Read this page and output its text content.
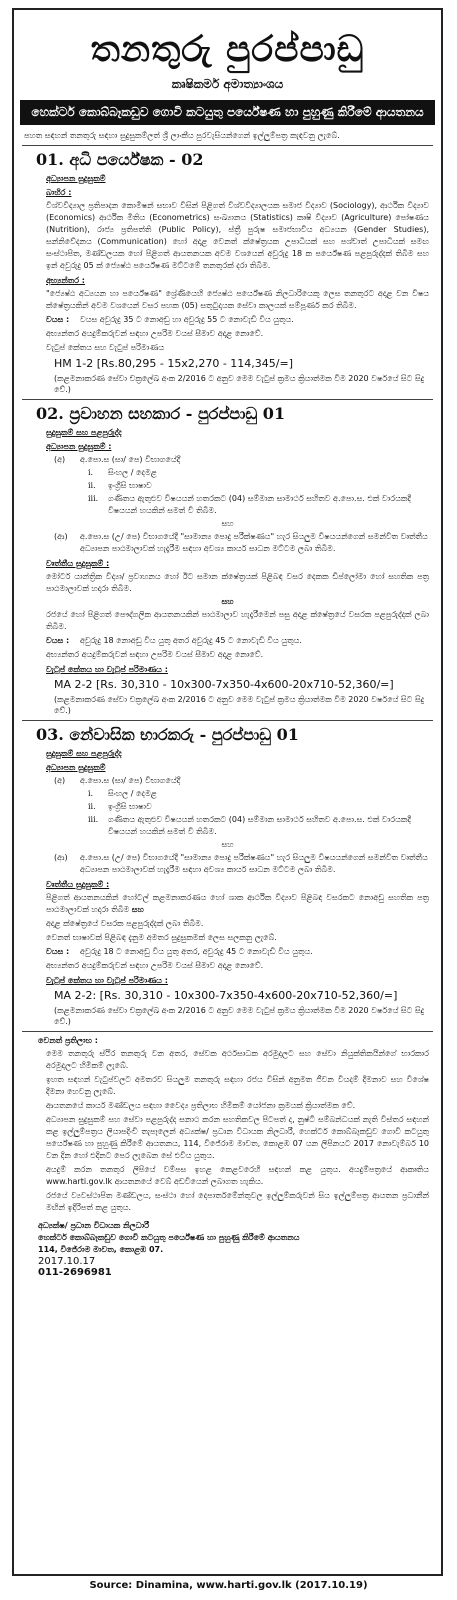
තනතුරු පුරප්පාඩු
කෘෂිකර්ම අමාත්‍යාංශය
හෙක්ටර් කොබ්බෑකඩුව ගොවි කටයුතු පර්යේෂණ හා පුහුණු කිරීමේ ආයතනය
පහත සඳහන් තනතුරු සඳහා සුදුසුකම්ලත් ශ්‍රී ලාංකීය පුරවැසියන්ගෙන් ඉල්ලුම්පත්‍ර කැඳවනු ලැබේ.
01. අධි පර්යේෂක - 02
අධ්‍යාපන සුදුසුකම්
බාහිර :
විශ්වවිද්‍යාල ප්‍රතිපාදන කොමිෂන් සභාව විසින් පිළිගත් විශ්වවිද්‍යාලයක සමාජ විද්‍යාව (Sociology), ආර්ථික විද්‍යාව (Economics) ආර්ථික මිතිය (Econometrics) සංඛ්‍යානය (Statistics) කෘෂි විද්‍යාව (Agriculture) පෝෂණය (Nutrition), රාජ්‍ය ප්‍රතිපත්ති (Public Policy), ස්ත්‍රී පුරුෂ සමාජභාවීය අධ්‍යයන (Gender Studies), සන්නිවේදනය (Communication) හෝ අදාළ වෙනත් ක්ෂේත්‍රයක උපාධියක් සහ පශ්චාත් උපාධියක් සමඟ සංස්ථාපිත, මණ්ඩලයක හෝ පිළිගත් ආයතනයක අවම වශයෙන් අවුරුදු 18 ක පර්යේෂණ පළපුරුද්දක් තිබීම සහ ඉන් අවුරුදු 05 ක් ජ්‍යෙෂ්ඨ පර්යේෂණ මට්ටමේ තනතුරක් දරා තිබීම.
අභ්‍යන්තර :
"ජ්‍යෙෂ්ඨ අධ්‍යයන හා පර්යේෂණ" ශ්‍රේණියෙහි ජ්‍යෙෂ්ඨ පර්යේෂණ නිලධාරියෙකු ලෙස තනතුරට අදාළ වන විෂය ක්ෂේත්‍රයකින් අවම වශයෙන් වසර පහක (05) සතුටුදායක සේවා කාලයක් සම්පූර්ණ කර තිබීම.
වයස :	වයස අවුරුදු 35 ට නොඅඩු හා අවුරුදු 55 ට නොවැඩි විය යුතුය.
අභ්‍යන්තර අයදුම්කරුවන් සඳහා උපරිම වයස් සීමාව අදාළ නොවේ.
වැටුප් කේතය සහ වැටුප් පරිමාණය
HM 1-2 [Rs.80,295 - 15x2,270 - 114,345/=]
(කළමනාකරණ සේවා චක්‍රලේඛ අංක 2/2016 ට අනුව මෙම වැටුප් ක්‍රමය ක්‍රියාත්මක වීම 2020 වර්ෂයේ සිට සිදු වේ.)
02. ප්‍රවාහන සහකාර - පුරප්පාඩු 01
සුදුසුකම් සහ පළපුරුද්ද
අධ්‍යාපන සුදුසුකම් :
(අ)	අ.පො.ස (සා/ පෙ) විභාගයේදී
i.	සිංහල / දෙමළ
ii.	ඉංග්‍රීසි භාෂාව
iii.	ගණිතය ඇතුළුව විෂයයන් හතරකට (04) සම්මාන සාමාර්ථ සහිතව අ.පො.ස. එක් වාරයකදී විෂයයන් හයකින් සමත් වී තිබීම.
සහ
(ආ)	අ.පො.ස (උ/ පෙ) විභාගයේදී "සාමාන්‍ය පොදු පරීක්ෂණය" හැර සියලුම විෂයයන්ගෙන් සමන්විත වෘත්තීය අධ්‍යාපන පාඨමාලාවක් හැදෑරීම සඳහා අවශ්‍ය කාර්ය සාධන මට්ටම ලබා තිබීම.
වෘත්තීය සුදුසුකම් :
මෝටර් යාන්ත්‍රික විද්‍යා/ ප්‍රවාහනය හෝ ඊට සමාන ක්ෂේත්‍රයක් පිළිබඳ වසර දෙකක ඩිප්ලෝමා හෝ සහතික පත්‍ර පාඨමාලාවක් හදාරා තිබීම.
සහ
රජයේ හෝ පිළිගත් පෞද්ගලික ආයතනයකින් පාඨමාලාව හැදෑරීමෙන් පසු අදාළ ක්ෂේත්‍රයේ වසරක පළපුරුද්දක් ලබා තිබීම.
වයස :	අවුරුදු 18 නොඅඩු විය යුතු අතර අවුරුදු 45 ට නොවැඩි විය යුතුය.
අභ්‍යන්තර අයදුම්කරුවන් සඳහා උපරිම වයස් සීමාව අදාළ නොවේ.
වැටුප් කේතය හා වැටුප් පරිමාණය :
MA 2-2 [Rs. 30,310 - 10x300-7x350-4x600-20x710-52,360/=]
(කළමනාකරණ සේවා චක්‍රලේඛ අංක 2/2016 ට අනුව මෙම වැටුප් ක්‍රමය ක්‍රියාත්මක වීම 2020 වර්ෂයේ සිට සිදු වේ.)
03. නේවාසික භාරකරු - පුරප්පාඩු 01
සුදුසුකම් සහ පළපුරුද්ද
අධ්‍යාපන සුදුසුකම්
(අ)	අ.පො.ස (සා/ පෙ) විභාගයේදී
i.	සිංහල / දෙමළ
ii.	ඉංග්‍රීසි භාෂාව
iii.	ගණිතය ඇතුළුව විෂයයන් හතරකට (04) සම්මාන සාමාර්ථ සහිතව අ.පො.ස. එක් වාරයකදී විෂයයන් හයකින් සමත් වී තිබීම.
සහ
(ආ)	අ.පො.ස (උ/ පෙ) විභාගයේදී "සාමාන්‍ය පොදු පරීක්ෂණය" හැර සියලුම විෂයයන්ගෙන් සමන්විත වෘත්තීය අධ්‍යාපන පාඨමාලාවක් හැදෑරීම සඳහා අවශ්‍ය කාර්ය සාධන මට්ටම ලබා තිබීම.
වෘත්තීය සුදුසුකම් :
පිළිගත් ආයතනයකින් හෝටල් කළමනාකරණය හෝ ශාක ආර්ථික විද්‍යාව පිළිබඳ වසරකට නොඅඩු සහතික පත්‍ර පාඨමාලාවක් හදාරා තිබීම සහ
අදාළ ක්ෂේත්‍රයේ වසරක පළපුරුද්දක් ලබා තිබීම.
වෙනත් භාෂාවක් පිළිබඳ දැනුම අමතර සුදුසුකමක් ලෙස සලකනු ලැබේ.
වයස :	අවුරුදු 18 ට නොඅඩු විය යුතු අතර, අවුරුදු 45 ට නොවැඩි විය යුතුය.
අභ්‍යන්තර අයදුම්කරුවන් සඳහා උපරිම වයස් සීමාව අදාළ නොවේ.
වැටුප් කේතය හා වැටුප් පරිමාණය :
MA 2-2: [Rs. 30,310 - 10x300-7x350-4x600-20x710-52,360/=]
(කළමනාකරණ සේවා චක්‍රලේඛ අංක 2/2016 ට අනුව මෙම වැටුප් ක්‍රමය ක්‍රියාත්මක වීම 2020 වර්ෂයේ සිට සිදු වේ.)
වෙනත් ප්‍රතිලාභ :
මෙම තනතුරු ස්ථිර තනතුරු වන අතර, සේවක අර්ථසාධක අරමුදලට සහ සේවා නියුක්තිකයින්ගේ භාරකාර අරමුදලට හිමිකම් ලැබේ.
ඉහත සඳහන් වැටුප්වලට අමතරව සියලුම තනතුරු සඳහා රජය විසින් අනුමත ජීවන වියදම් දීමනාව සහ විශේෂ දීමනා හෙවනු ලැබේ.
ආයතනයේ කාර්ය මණ්ඩලය සඳහා වෛද්‍ය ප්‍රතිලාභ හිමිකම් යෝජනා ක්‍රමයක් ක්‍රියාත්මක වේ.
අධ්‍යාපන සුදුසුකම් සහ සේවා පළපුරුද්ද සනාථ කරන සහතිකවල පිටපත් ද, නුෂ්ටි සම්බන්ධයක් නැති විස්තර සඳහන් කළ ඉල්ලුම්පත්‍රය ලියාපදිංචි තැපෑලෙන් අධ්‍යක්ෂ/ ප්‍රධාන විධායක නිලධාරී, හෙක්ටර් කොබ්බෑකඩුව ගොවි කටයුතු පර්යේෂණ හා පුහුණු කිරීමේ ආයතනය, 114, විජේරාම මාවත, කොළඹ 07 යන ලිපිනයට 2017 නොවැම්බර් 10 වන දින හෝ එදිනට පෙර ලැබෙන සේ එවිය යුතුය.
අයදුම් කරන තනතුර ලිපියේ වම්පස ඉහළ කෙළවරෙහි සඳහන් කළ යුතුය. අයදුම්පත්‍රයේ ආකෘතිය www.harti.gov.lk ආයතනයේ වෙබ් අඩවියෙන් ලබාගත හැකිය.
රජයේ ව්‍යවස්ථාපිත මණ්ඩලය, සංස්ථා හෝ දෙපාර්තමේන්තුවල ඉල්ලුම්කරුවන් සිය ඉල්ලුම්පත්‍ර ආයතන ප්‍රධානීන් මඟින් ඉදිරිපත් කළ යුතුය.
අධ්‍යක්ෂ/ ප්‍රධාන විධායක නිලධාරී
හෙක්ටර් කොබ්බෑකඩුව ගොවි කටයුතු පර්යේෂණ හා පුහුණු කිරීමේ ආයතනය
114, විජේරාම මාවත, කොළඹ 07.
2017.10.17
011-2696981
Source: Dinamina, www.harti.gov.lk (2017.10.19)
